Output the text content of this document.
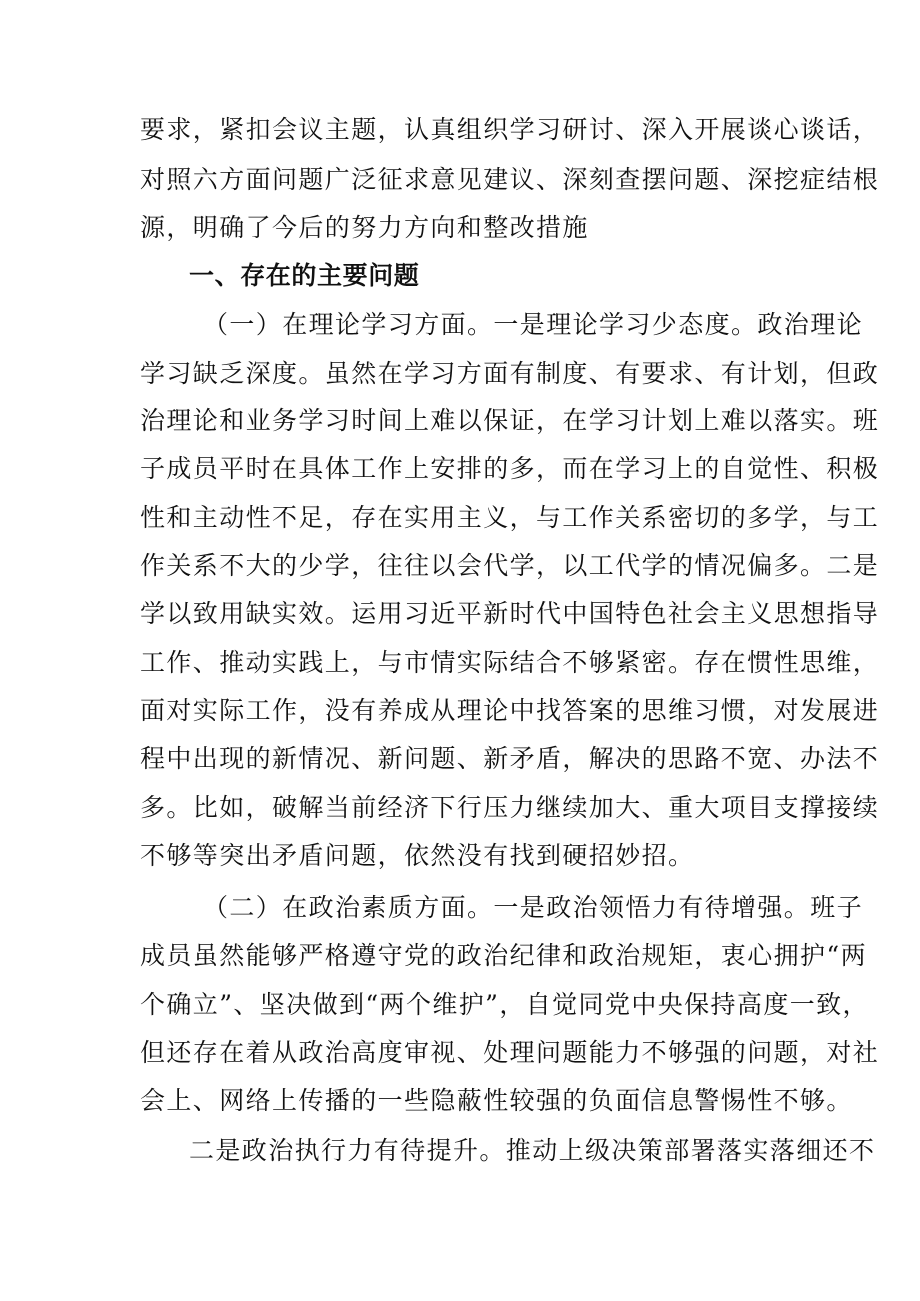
要求，紧扣会议主题，认真组织学习研讨、深入开展谈心谈话，
对照六方面问题广泛征求意见建议、深刻查摆问题、深挖症结根
源，明确了今后的努力方向和整改措施
一、存在的主要问题
（一）在理论学习方面。一是理论学习少态度。政治理论
学习缺乏深度。虽然在学习方面有制度、有要求、有计划，但政
治理论和业务学习时间上难以保证，在学习计划上难以落实。班
子成员平时在具体工作上安排的多，而在学习上的自觉性、积极
性和主动性不足，存在实用主义，与工作关系密切的多学，与工
作关系不大的少学，往往以会代学，以工代学的情况偏多。二是
学以致用缺实效。运用习近平新时代中国特色社会主义思想指导
工作、推动实践上，与市情实际结合不够紧密。存在惯性思维，
面对实际工作，没有养成从理论中找答案的思维习惯，对发展进
程中出现的新情况、新问题、新矛盾，解决的思路不宽、办法不
多。比如，破解当前经济下行压力继续加大、重大项目支撑接续
不够等突出矛盾问题，依然没有找到硬招妙招。
（二）在政治素质方面。一是政治领悟力有待增强。班子
成员虽然能够严格遵守党的政治纪律和政治规矩，衷心拥护“两
个确立”、坚决做到“两个维护”，自觉同党中央保持高度一致，
但还存在着从政治高度审视、处理问题能力不够强的问题，对社
会上、网络上传播的一些隐蔽性较强的负面信息警惕性不够。
二是政治执行力有待提升。推动上级决策部署落实落细还不
